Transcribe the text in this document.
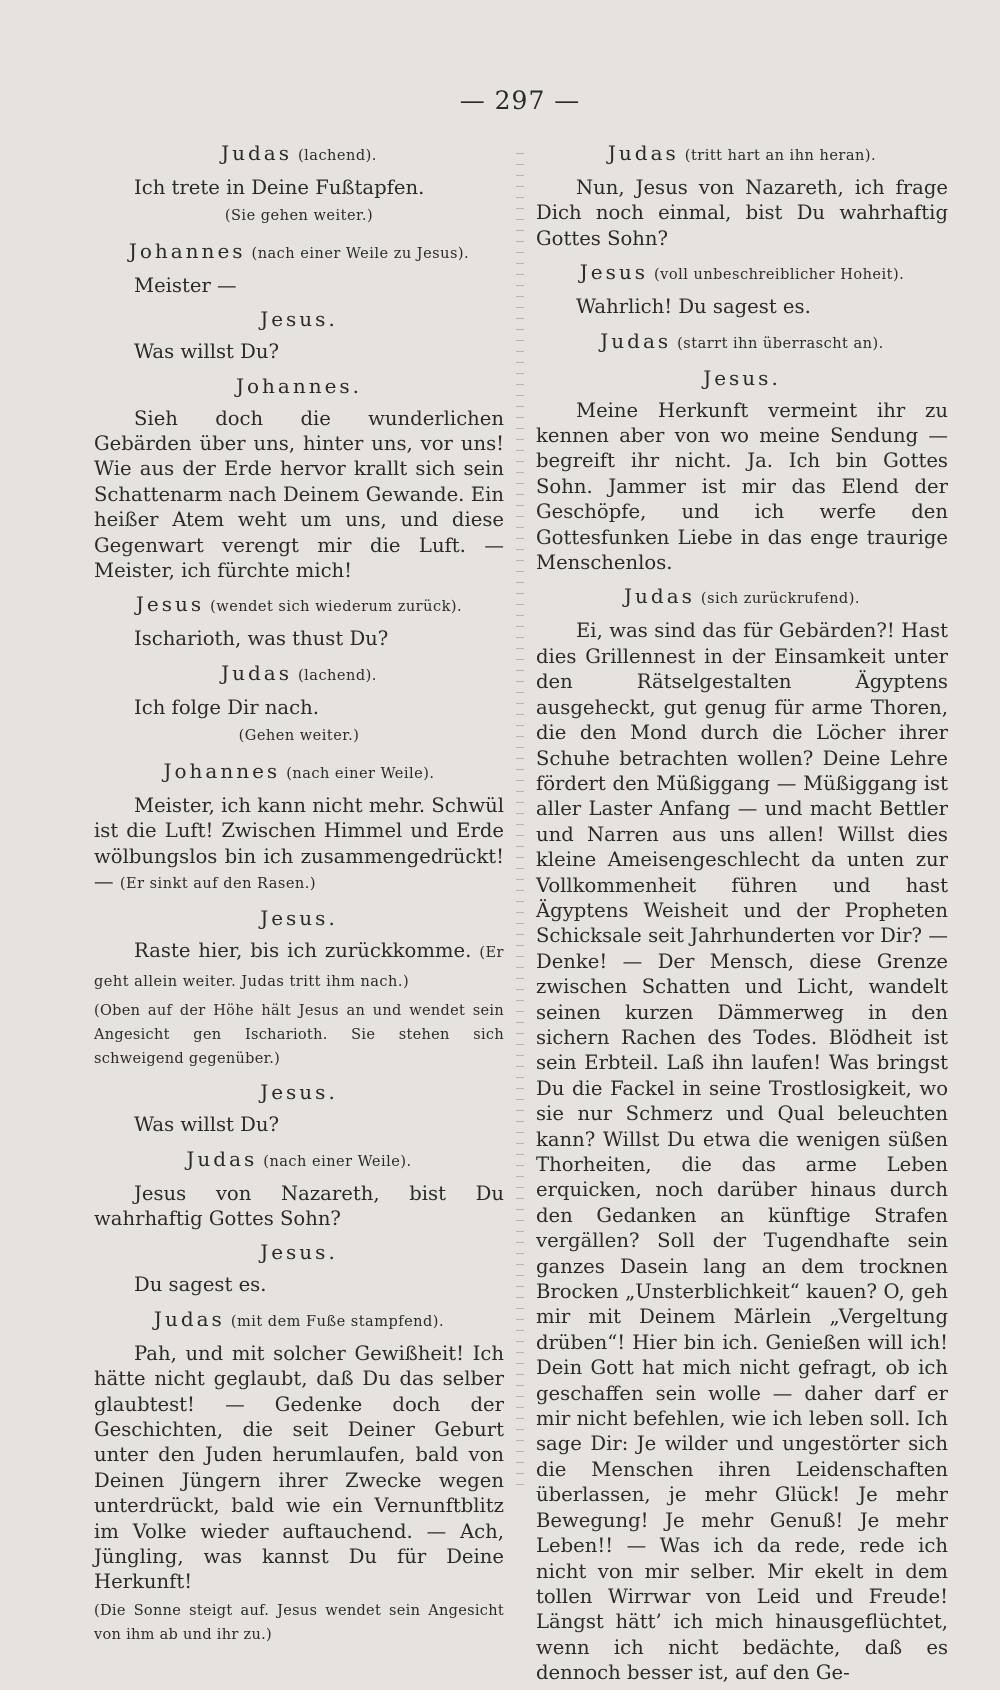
— 297 —
Judas (lachend).

Ich trete in Deine Fußtapfen.

(Sie gehen weiter.)
Johannes (nach einer Weile zu Jesus).

Meister —

Jesus.

Was willst Du?

Johannes.

Sieh doch die wunderlichen Gebärden über uns, hinter uns, vor uns! Wie aus der Erde hervor krallt sich sein Schattenarm nach Deinem Gewande. Ein heißer Atem weht um uns, und diese Gegenwart verengt mir die Luft. — Meister, ich fürchte mich!

Jesus (wendet sich wiederum zurück).

Ischarioth, was thust Du?

Judas (lachend).

Ich folge Dir nach.

(Gehen weiter.)
Johannes (nach einer Weile).

Meister, ich kann nicht mehr. Schwül ist die Luft! Zwischen Himmel und Erde wölbungslos bin ich zusammengedrückt! — (Er sinkt auf den Rasen.)

Jesus.

Raste hier, bis ich zurückkomme. (Er geht allein weiter. Judas tritt ihm nach.)

(Oben auf der Höhe hält Jesus an und wendet sein Angesicht gen Ischarioth. Sie stehen sich schweigend gegenüber.)
Jesus.

Was willst Du?

Judas (nach einer Weile).

Jesus von Nazareth, bist Du wahrhaftig Gottes Sohn?

Jesus.

Du sagest es.

Judas (mit dem Fuße stampfend).

Pah, und mit solcher Gewißheit! Ich hätte nicht geglaubt, daß Du das selber glaubtest! — Gedenke doch der Geschichten, die seit Deiner Geburt unter den Juden herumlaufen, bald von Deinen Jüngern ihrer Zwecke wegen unterdrückt, bald wie ein Vernunftblitz im Volke wieder auftauchend. — Ach, Jüngling, was kannst Du für Deine Herkunft!

(Die Sonne steigt auf. Jesus wendet sein Angesicht von ihm ab und ihr zu.)
Judas (tritt hart an ihn heran).

Nun, Jesus von Nazareth, ich frage Dich noch einmal, bist Du wahrhaftig Gottes Sohn?

Jesus (voll unbeschreiblicher Hoheit).

Wahrlich! Du sagest es.

Judas (starrt ihn überrascht an).
Jesus.

Meine Herkunft vermeint ihr zu kennen aber von wo meine Sendung — begreift ihr nicht. Ja. Ich bin Gottes Sohn. Jammer ist mir das Elend der Geschöpfe, und ich werfe den Gottesfunken Liebe in das enge traurige Menschenlos.

Judas (sich zurückrufend).

Ei, was sind das für Gebärden?! Hast dies Grillennest in der Einsamkeit unter den Rätselgestalten Ägyptens ausgeheckt, gut genug für arme Thoren, die den Mond durch die Löcher ihrer Schuhe betrachten wollen? Deine Lehre fördert den Müßiggang — Müßiggang ist aller Laster Anfang — und macht Bettler und Narren aus uns allen! Willst dies kleine Ameisengeschlecht da unten zur Vollkommenheit führen und hast Ägyptens Weisheit und der Propheten Schicksale seit Jahrhunderten vor Dir? — Denke! — Der Mensch, diese Grenze zwischen Schatten und Licht, wandelt seinen kurzen Dämmerweg in den sichern Rachen des Todes. Blödheit ist sein Erbteil. Laß ihn laufen! Was bringst Du die Fackel in seine Trostlosigkeit, wo sie nur Schmerz und Qual beleuchten kann? Willst Du etwa die wenigen süßen Thorheiten, die das arme Leben erquicken, noch darüber hinaus durch den Gedanken an künftige Strafen vergällen? Soll der Tugendhafte sein ganzes Dasein lang an dem trocknen Brocken „Unsterblichkeit“ kauen? O, geh mir mit Deinem Märlein „Vergeltung drüben“! Hier bin ich. Genießen will ich! Dein Gott hat mich nicht gefragt, ob ich geschaffen sein wolle — daher darf er mir nicht befehlen, wie ich leben soll. Ich sage Dir: Je wilder und ungestörter sich die Menschen ihren Leidenschaften überlassen, je mehr Glück! Je mehr Bewegung! Je mehr Genuß! Je mehr Leben!! — Was ich da rede, rede ich nicht von mir selber. Mir ekelt in dem tollen Wirrwar von Leid und Freude! Längst hätt’ ich mich hinausgeflüchtet, wenn ich nicht bedächte, daß es dennoch besser ist, auf den Ge-
